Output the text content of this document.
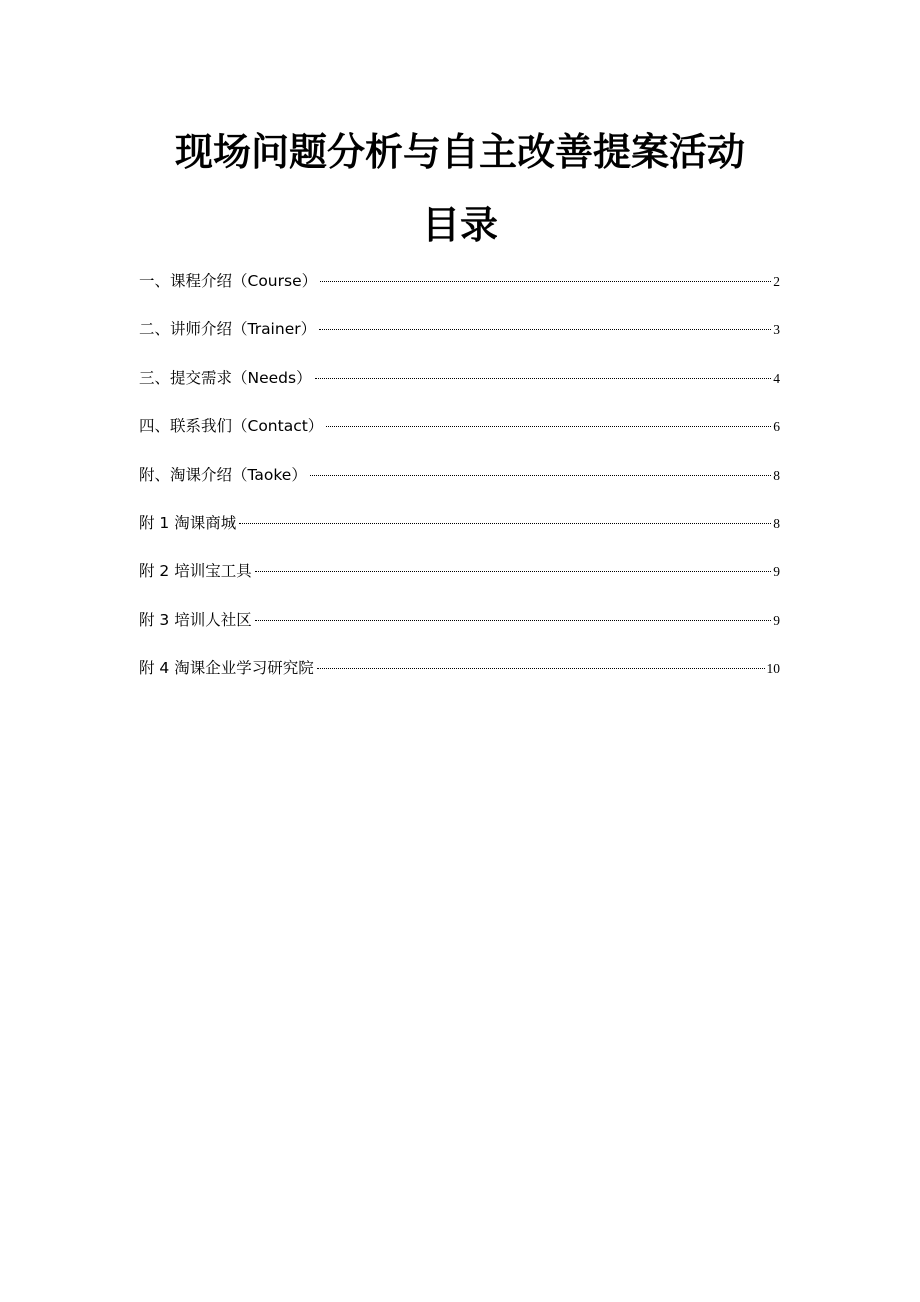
现场问题分析与自主改善提案活动
目录
一、课程介绍（Course）	2
二、讲师介绍（Trainer）	3
三、提交需求（Needs）	4
四、联系我们（Contact）	6
附、淘课介绍（Taoke）	8
附 1 淘课商城	8
附 2 培训宝工具	9
附 3 培训人社区	9
附 4 淘课企业学习研究院	10
